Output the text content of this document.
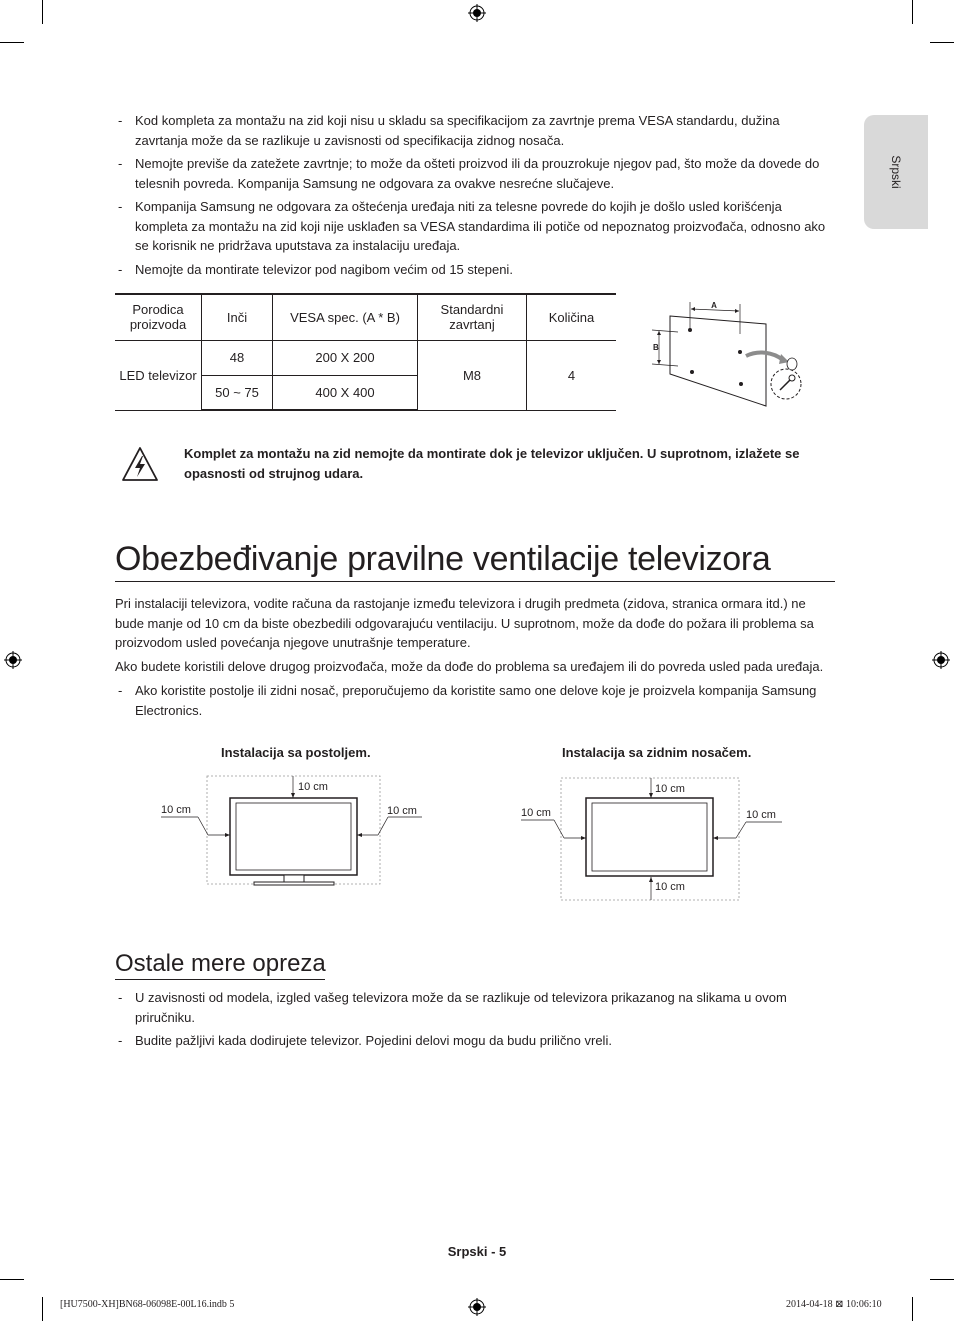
Srpski
- Kod kompleta za montažu na zid koji nisu u skladu sa specifikacijom za zavrtnje prema VESA standardu, dužina zavrtanja može da se razlikuje u zavisnosti od specifikacija zidnog nosača.
- Nemojte previše da zatežete zavrtnje; to može da ošteti proizvod ili da prouzrokuje njegov pad, što može da dovede do telesnih povreda. Kompanija Samsung ne odgovara za ovakve nesrećne slučajeve.
- Kompanija Samsung ne odgovara za oštećenja uređaja niti za telesne povrede do kojih je došlo usled korišćenja kompleta za montažu na zid koji nije usklađen sa VESA standardima ili potiče od nepoznatog proizvođača, odnosno ako se korisnik ne pridržava uputstava za instalaciju uređaja.
- Nemojte da montirate televizor pod nagibom većim od 15 stepeni.
Porodica proizvoda	Inči	VESA spec. (A * B)	Standardni zavrtanj	Količina
LED televizor	48	200 X 200	M8	4
	50 ~ 75	400 X 400		
A
B
Komplet za montažu na zid nemojte da montirate dok je televizor uključen. U suprotnom, izlažete se opasnosti od strujnog udara.
Obezbeđivanje pravilne ventilacije televizora

Pri instalaciji televizora, vodite računa da rastojanje između televizora i drugih predmeta (zidova, stranica ormara itd.) ne bude manje od 10 cm da biste obezbedili odgovarajuću ventilaciju. U suprotnom, može da dođe do požara ili problema sa proizvodom usled povećanja njegove unutrašnje temperature.

Ako budete koristili delove drugog proizvođača, može da dođe do problema sa uređajem ili do povreda usled pada uređaja.

- Ako koristite postolje ili zidni nosač, preporučujemo da koristite samo one delove koje je proizvela kompanija Samsung Electronics.
Instalacija sa postoljem.
10 cm
10 cm	10 cm
Instalacija sa zidnim nosačem.
10 cm
10 cm	10 cm
10 cm
Ostale mere opreza
- U zavisnosti od modela, izgled vašeg televizora može da se razlikuje od televizora prikazanog na slikama u ovom priručniku.
- Budite pažljivi kada dodirujete televizor. Pojedini delovi mogu da budu prilično vreli.
Srpski - 5
[HU7500-XH]BN68-06098E-00L16.indb 5	2014-04-18 ⊠ 10:06:10
